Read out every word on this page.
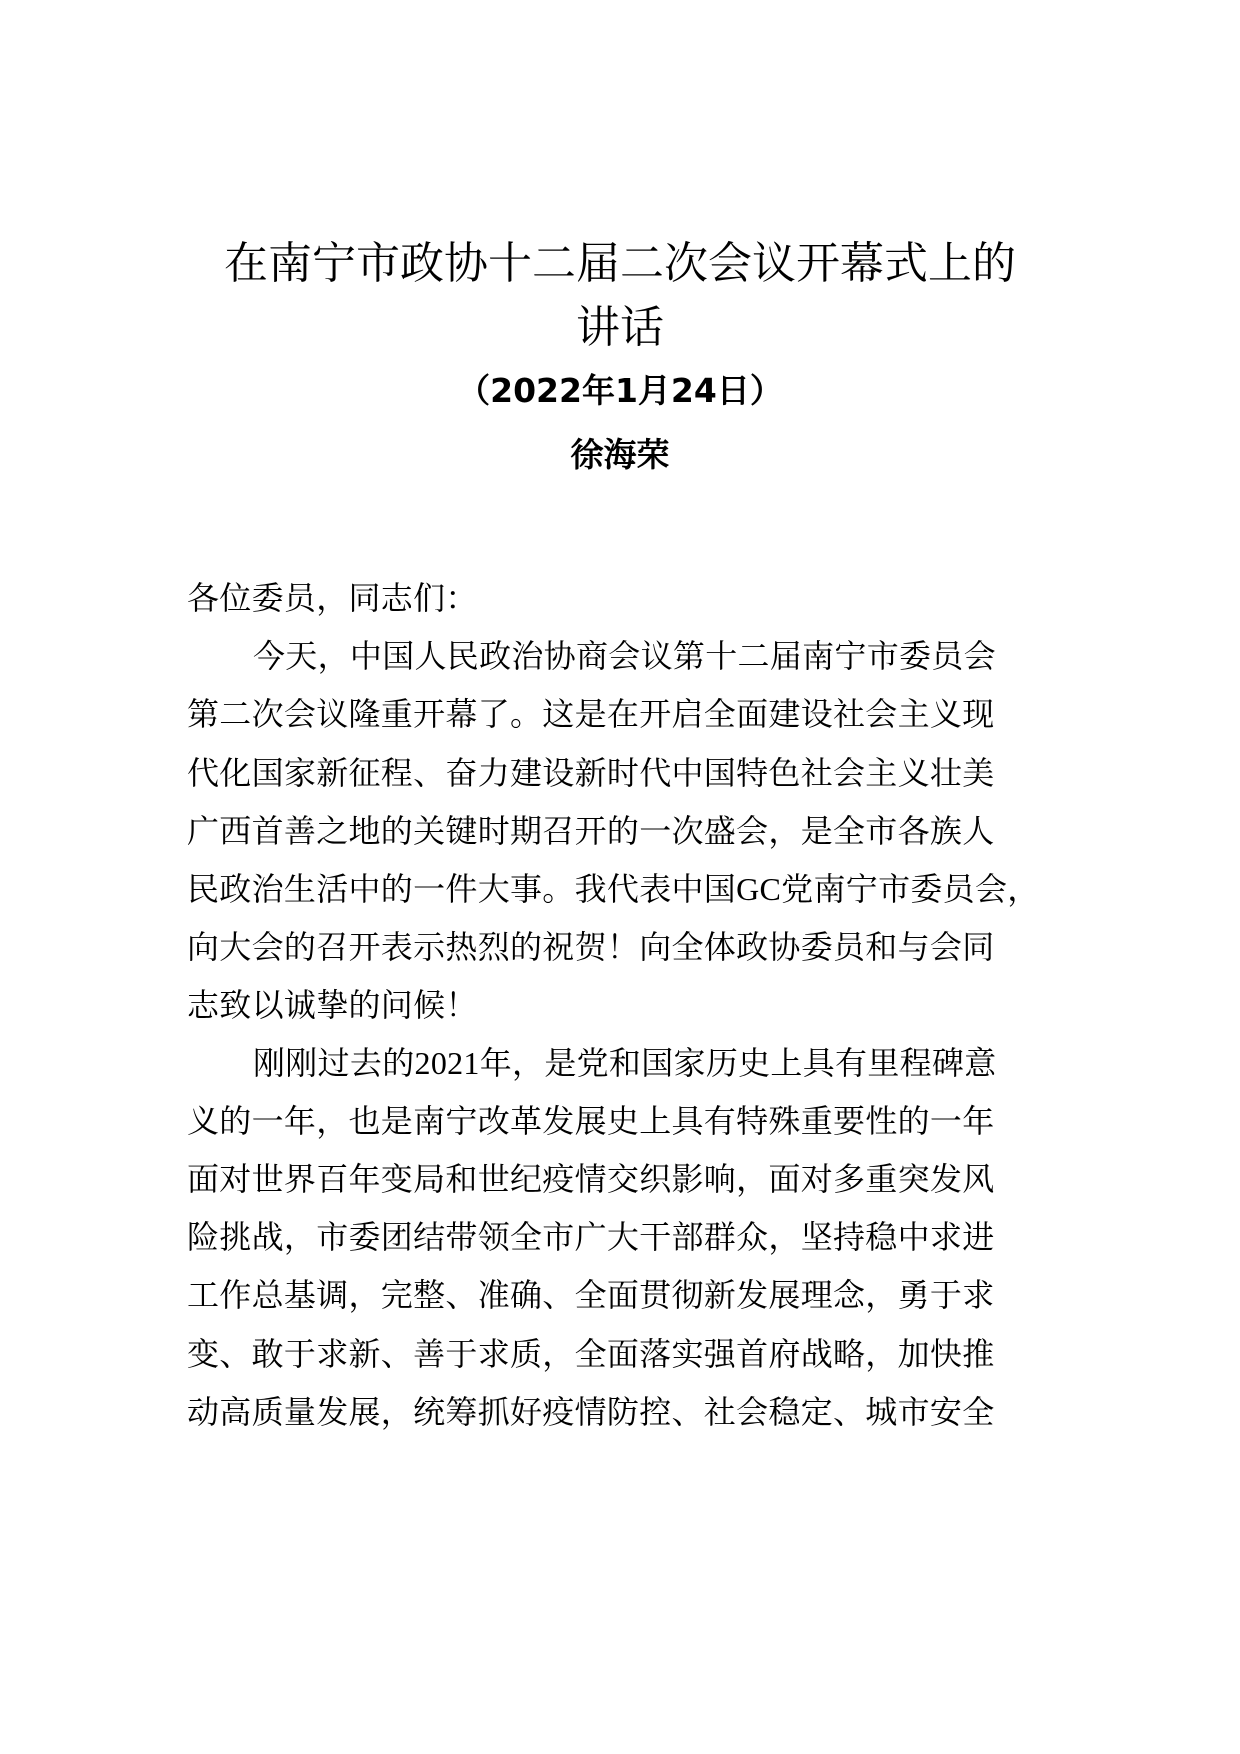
在南宁市政协十二届二次会议开幕式上的
讲话
（2022年1月24日）
徐海荣
各位委员，同志们：
今天，中国人民政治协商会议第十二届南宁市委员会
第二次会议隆重开幕了。这是在开启全面建设社会主义现
代化国家新征程、奋力建设新时代中国特色社会主义壮美
广西首善之地的关键时期召开的一次盛会，是全市各族人
民政治生活中的一件大事。我代表中国GC党南宁市委员会，
向大会的召开表示热烈的祝贺！向全体政协委员和与会同
志致以诚挚的问候！
刚刚过去的2021年，是党和国家历史上具有里程碑意
义的一年，也是南宁改革发展史上具有特殊重要性的一年
面对世界百年变局和世纪疫情交织影响，面对多重突发风
险挑战，市委团结带领全市广大干部群众，坚持稳中求进
工作总基调，完整、准确、全面贯彻新发展理念，勇于求
变、敢于求新、善于求质，全面落实强首府战略，加快推
动高质量发展，统筹抓好疫情防控、社会稳定、城市安全
